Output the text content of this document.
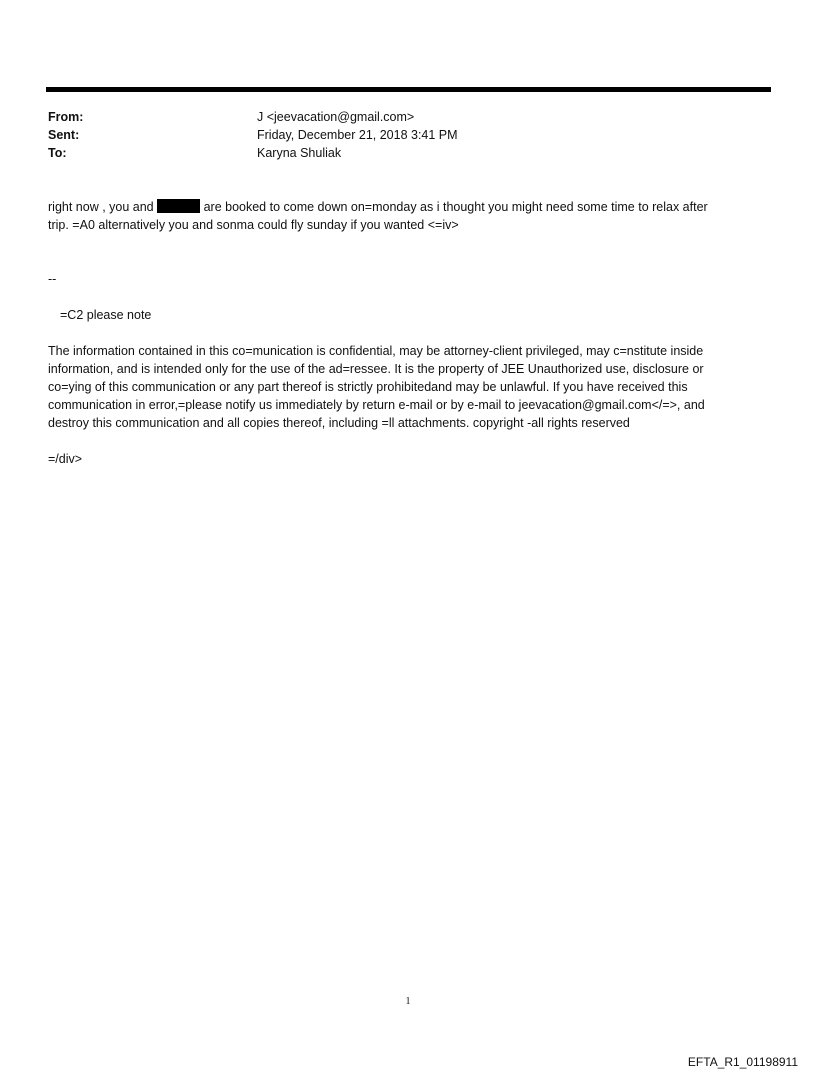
From:	J <jeevacation@gmail.com>
Sent:	Friday, December 21, 2018 3:41 PM
To:	Karyna Shuliak
right now , you and	are booked to come down on=monday as i thought you might need some time to relax after
trip. =A0 alternatively you and sonma could fly sunday if you wanted <=iv>
--
=C2 please note
The information contained in this co=munication is confidential, may be attorney-client privileged, may c=nstitute inside
information, and is intended only for the use of the ad=ressee. It is the property of JEE Unauthorized use, disclosure or
co=ying of this communication or any part thereof is strictly prohibitedand may be unlawful. If you have received this
communication in error,=please notify us immediately by return e-mail or by e-mail to jeevacation@gmail.com</=>, and
destroy this communication and all copies thereof, including =ll attachments. copyright -all rights reserved
=/div>
1
EFTA_R1_01198911
